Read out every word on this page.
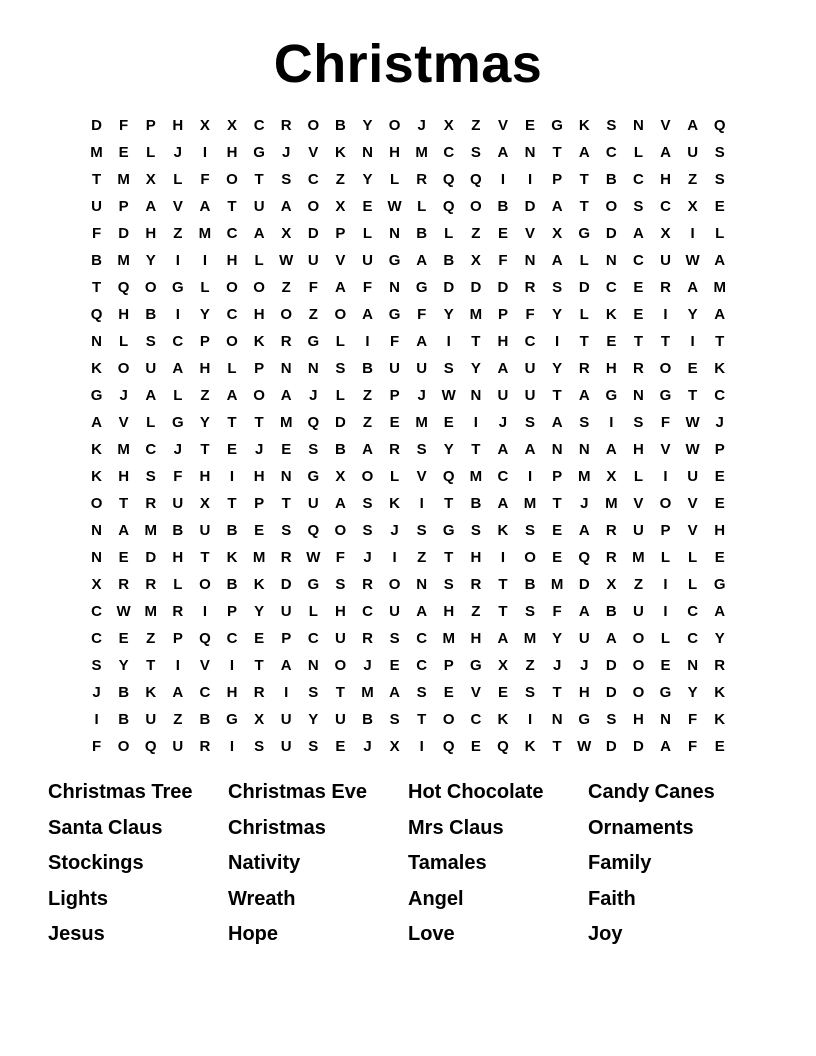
Christmas
D	F	P	H	X	X	C	R	O	B	Y	O	J	X	Z	V	E	G	K	S	N	V	A	Q
M	E	L	J	I	H	G	J	V	K	N	H	M	C	S	A	N	T	A	C	L	A	U	S
T	M	X	L	F	O	T	S	C	Z	Y	L	R	Q	Q	I	I	P	T	B	C	H	Z	S
U	P	A	V	A	T	U	A	O	X	E	W	L	Q	O	B	D	A	T	O	S	C	X	E
F	D	H	Z	M	C	A	X	D	P	L	N	B	L	Z	E	V	X	G	D	A	X	I	L
B	M	Y	I	I	H	L	W U	V	U	G	A	B	X	F	N	A	L	N	C	U W A
T	Q	O	G	L	O	O	Z	F	A	F	N	G	D	D	D	R	S	D	C	E	R	A	M
Q	H	B	I	Y	C	H	O	Z	O	A	G	F	Y	M	P	F	Y	L	K	E	I	Y	A
N	L	S	C	P	O	K	R	G	L	I	F	A	I	T	H	C	I	T	E	T	T	I	T
K	O	U	A	H	L	P	N	N	S	B	U	U	S	Y	A	U	Y	R	H	R	O	E	K
G	J	A	L	Z	A	O	A	J	L	Z	P	J	W N	U	U	T	A	G	N	G	T	C
A	V	L	G	Y	T	T	M	Q	D	Z	E	M	E	I	J	S	A	S	I	S	F	W	J
K	M	C	J	T	E	J	E	S	B	A	R	S	Y	T	A	A	N	N	A	H	V	W	P
K	H	S	F	H	I	H	N	G	X	O	L	V	Q	M	C	I	P	M	X	L	I	U	E
O	T	R	U	X	T	P	T	U	A	S	K	I	T	B	A	M	T	J	M	V	O	V	E
N	A	M	B	U	B	E	S	Q	O	S	J	S	G	S	K	S	E	A	R	U	P	V	H
N	E	D	H	T	K	M	R W	F	J	I	Z	T	H	I	O	E	Q	R	M	L	L	E
X	R	R	L	O	B	K	D	G	S	R	O	N	S	R	T	B	M	D	X	Z	I	L	G
C W M	R	I	P	Y	U	L	H	C	U	A	H	Z	T	S	F	A	B	U	I	C	A
C	E	Z	P	Q	C	E	P	C	U	R	S	C	M	H	A	M	Y	U	A	O	L	C	Y
S	Y	T	I	V	I	T	A	N	O	J	E	C	P	G	X	Z	J	J	D	O	E	N	R
J	B	K	A	C	H	R	I	S	T	M	A	S	E	V	E	S	T	H	D	O	G	Y	K
I	B	U	Z	B	G	X	U	Y	U	B	S	T	O	C	K	I	N	G	S	H	N	F	K
F	O	Q	U	R	I	S	U	S	E	J	X	I	Q	E	Q	K	T	W D	D	A	F	E
Christmas Tree	Christmas Eve	Hot Chocolate	Candy Canes
Santa Claus	Christmas	Mrs Claus	Ornaments
Stockings	Nativity	Tamales	Family
Lights	Wreath	Angel	Faith
Jesus	Hope	Love	Joy
